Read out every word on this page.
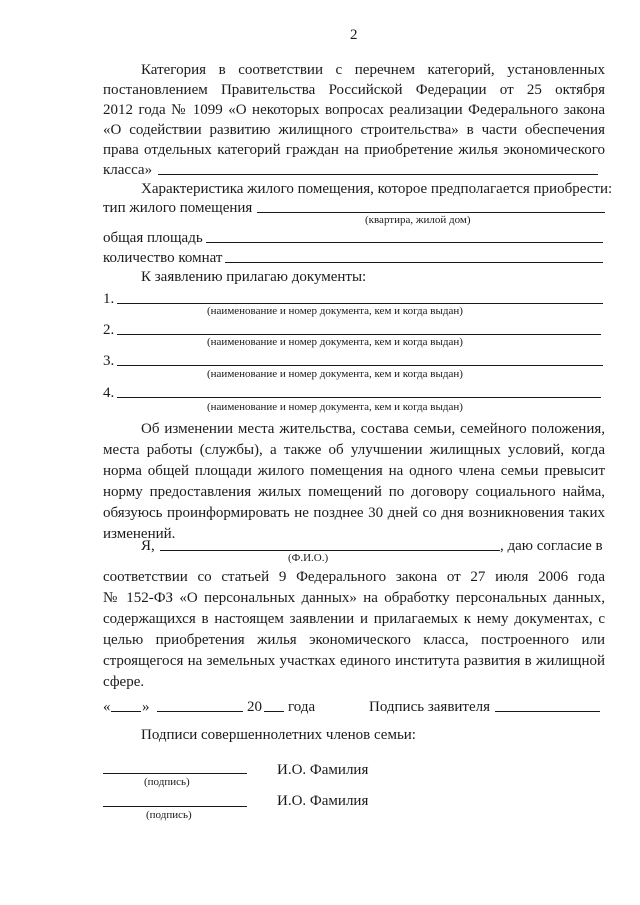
2
Категория в соответствии с перечнем категорий, установленных
постановлением Правительства Российской Федерации от 25 октября
2012 года № 1099 «О некоторых вопросах реализации Федерального закона
«О содействии развитию жилищного строительства» в части обеспечения
права отдельных категорий граждан на приобретение жилья экономического
класса»
Характеристика жилого помещения, которое предполагается приобрести:
тип жилого помещения
(квартира, жилой дом)
общая площадь
количество комнат
К заявлению прилагаю документы:
1.
(наименование и номер документа, кем и когда выдан)
2.
(наименование и номер документа, кем и когда выдан)
3.
(наименование и номер документа, кем и когда выдан)
4.
(наименование и номер документа, кем и когда выдан)
Об изменении места жительства, состава семьи, семейного положения,
места работы (службы), а также об улучшении жилищных условий, когда
норма общей площади жилого помещения на одного члена семьи превысит
норму предоставления жилых помещений по договору социального найма,
обязуюсь проинформировать не позднее 30 дней со дня возникновения таких
изменений.
Я,	, даю согласие в
(Ф.И.О.)
соответствии со статьей 9 Федерального закона от 27 июля 2006 года
№ 152-ФЗ «О персональных данных» на обработку персональных данных,
содержащихся в настоящем заявлении и прилагаемых к нему документах, с
целью приобретения жилья экономического класса, построенного или
строящегося на земельных участках единого института развития в жилищной
сфере.
« »	20 года	Подпись заявителя
Подписи совершеннолетних членов семьи:
(подпись)
И.О. Фамилия
(подпись)
И.О. Фамилия
